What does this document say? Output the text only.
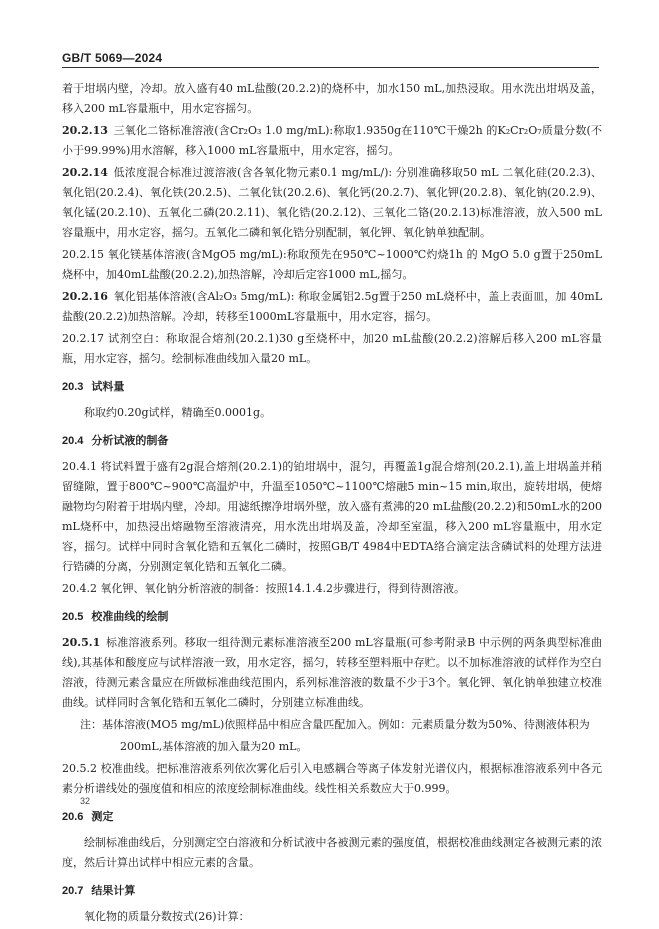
GB/T 5069—2024

着于坩埚内壁，冷却。放入盛有40 mL盐酸(20.2.2)的烧杯中，加水150 mL,加热浸取。用水洗出坩埚及盖，移入200 mL容量瓶中，用水定容摇匀。

20.2.13 三氧化二铬标准溶液(含Cr₂O₃ 1.0 mg/mL):称取1.9350g在110℃干燥2h 的K₂Cr₂O₇质量分数(不小于99.99%)用水溶解，移入1000 mL容量瓶中，用水定容，摇匀。

20.2.14 低浓度混合标准过渡溶液(含各氧化物元素0.1 mg/mL/): 分别准确移取50 mL 二氧化硅(20.2.3)、氧化铝(20.2.4)、氧化铁(20.2.5)、二氧化钛(20.2.6)、氧化钙(20.2.7)、氧化钾(20.2.8)、氧化钠(20.2.9)、氧化锰(20.2.10)、五氧化二磷(20.2.11)、氧化锆(20.2.12)、三氧化二铬(20.2.13)标准溶液，放入500 mL容量瓶中，用水定容，摇匀。五氧化二磷和氧化锆分别配制，氧化钾、氧化钠单独配制。

20.2.15 氧化镁基体溶液(含MgO5 mg/mL):称取预先在950℃~1000℃灼烧1h 的 MgO 5.0 g置于250mL烧杯中，加40mL盐酸(20.2.2),加热溶解，冷却后定容1000 mL,摇匀。

20.2.16 氧化铝基体溶液(含Al₂O₃ 5mg/mL): 称取金属铝2.5g置于250 mL烧杯中，盖上表面皿，加 40mL 盐酸(20.2.2)加热溶解。冷却，转移至1000mL容量瓶中，用水定容，摇匀。

20.2.17 试剂空白：称取混合熔剂(20.2.1)30 g至烧杯中，加20 mL盐酸(20.2.2)溶解后移入200 mL容量瓶，用水定容，摇匀。绘制标准曲线加入量20 mL。

20.3 试料量

称取约0.20g试样，精确至0.0001g。

20.4 分析试液的制备

20.4.1 将试料置于盛有2g混合熔剂(20.2.1)的铂坩埚中，混匀，再覆盖1g混合熔剂(20.2.1),盖上坩埚盖并稍留缝隙，置于800℃~900℃高温炉中，升温至1050℃~1100℃熔融5 min~15 min,取出，旋转坩埚，使熔融物均匀附着于坩埚内壁，冷却。用滤纸擦净坩埚外壁，放入盛有煮沸的20 mL盐酸(20.2.2)和50mL水的200mL烧杯中，加热浸出熔融物至溶液清亮，用水洗出坩埚及盖，冷却至室温，移入200 mL容量瓶中，用水定容，摇匀。试样中同时含氧化锆和五氧化二磷时，按照GB/T 4984中EDTA络合滴定法含磷试料的处理方法进行锆磷的分离，分别测定氧化锆和五氧化二磷。

20.4.2 氧化钾、氧化钠分析溶液的制备：按照14.1.4.2步骤进行，得到待测溶液。

20.5 校准曲线的绘制

20.5.1 标准溶液系列。移取一组待测元素标准溶液至200 mL容量瓶(可参考附录B 中示例的两条典型标准曲线),其基体和酸度应与试样溶液一致，用水定容，摇匀，转移至塑料瓶中存贮。以不加标准溶液的试样作为空白溶液，待测元素含量应在所做标准曲线范围内，系列标准溶液的数量不少于3个。氧化钾、氧化钠单独建立校准曲线。试样同时含氧化锆和五氧化二磷时，分别建立标准曲线。

注：基体溶液(MO5 mg/mL)依照样品中相应含量匹配加入。例如：元素质量分数为50%、待测液体积为

200mL,基体溶液的加入量为20 mL。

20.5.2 校准曲线。把标准溶液系列依次雾化后引入电感耦合等离子体发射光谱仪内，根据标准溶液系列中各元素分析谱线处的强度值和相应的浓度绘制标准曲线。线性相关系数应大于0.999。

20.6 测定

绘制标准曲线后，分别测定空白溶液和分析试液中各被测元素的强度值，根据校准曲线测定各被测元素的浓度，然后计算出试样中相应元素的含量。

20.7 结果计算

氧化物的质量分数按式(26)计算：

32
